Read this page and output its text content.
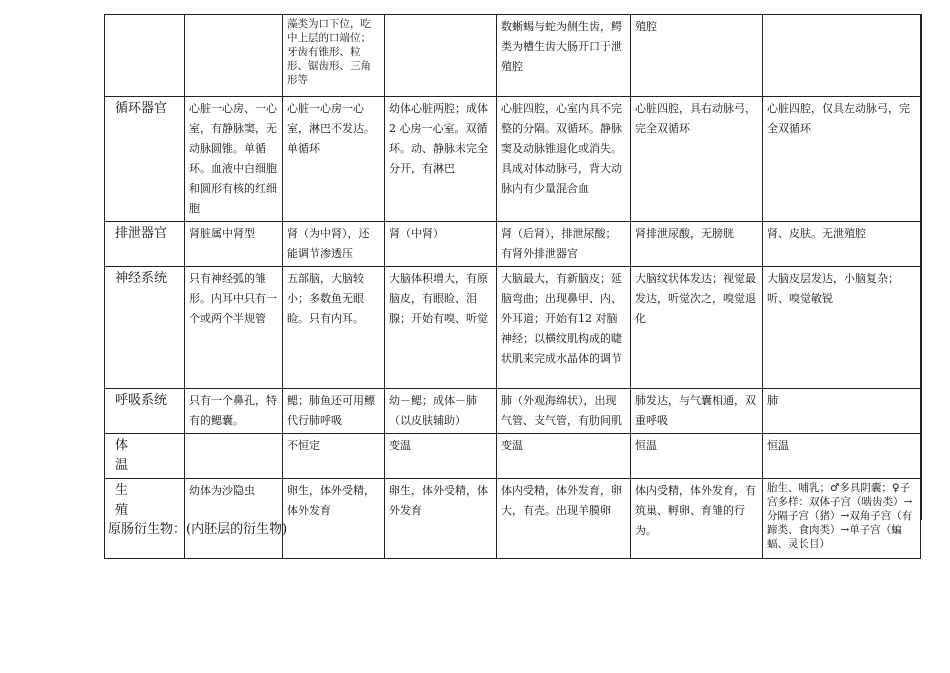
		藻类为口下位，吃中上层的口端位；牙齿有锥形、粒形、锯齿形、三角形等		数蜥蜴与蛇为侧生齿，鳄类为槽生齿大肠开口于泄殖腔	殖腔	
循环器官	心脏一心房、一心室，有静脉窦，无动脉圆锥。单循环。血液中白细胞和圆形有核的红细胞	心脏一心房一心室，淋巴不发达。单循环	幼体心脏两腔；成体 2 心房一心室。双循环。动、静脉未完全分开，有淋巴	心脏四腔，心室内具不完整的分隔。双循环。静脉窦及动脉锥退化或消失。具成对体动脉弓，背大动脉内有少量混合血	心脏四腔，具右动脉弓，完全双循环	心脏四腔，仅具左动脉弓，完全双循环
排泄器官	肾脏属中肾型	肾（为中肾），还能调节渗透压	肾（中肾）	肾（后肾），排泄尿酸；有肾外排泄器官	肾排泄尿酸，无膀胱	肾、皮肤。无泄殖腔
神经系统	只有神经弧的雏形。内耳中只有一个或两个半规管	五部脑，大脑较小；多数鱼无眼睑。只有内耳。	大脑体积增大，有原脑皮，有眼睑、泪腺；开始有嗅、听觉	大脑最大，有新脑皮；延脑弯曲；出现鼻甲、内、外耳道；开始有12 对脑神经；以横纹肌构成的睫状肌来完成水晶体的调节	大脑纹状体发达；视觉最发达，听觉次之，嗅觉退化	大脑皮层发达，小脑复杂；听、嗅觉敏锐
呼吸系统	只有一个鼻孔，特有的鳃囊。	鳃；肺鱼还可用鳔代行肺呼吸	幼－鳃；成体－肺（以皮肤辅助）	肺（外观海绵状），出现气管、支气管，有肋间肌	肺发达，与气囊相通，双重呼吸	肺
体温		不恒定	变温	变温	恒温	恒温
生殖	幼体为沙隐虫	卵生，体外受精，体外发育	卵生，体外受精，体外发育	体内受精，体外发育，卵大，有壳。出现羊膜卵	体内受精，体外发育，有筑巢、孵卵、育雏的行为。	胎生、哺乳；♂多具阴囊；♀子宫多样：双体子宫（啮齿类）→分隔子宫（猪）→双角子宫（有蹄类、食肉类）→单子宫（蝙蝠、灵长目）
原肠衍生物：(内胚层的衍生物)
